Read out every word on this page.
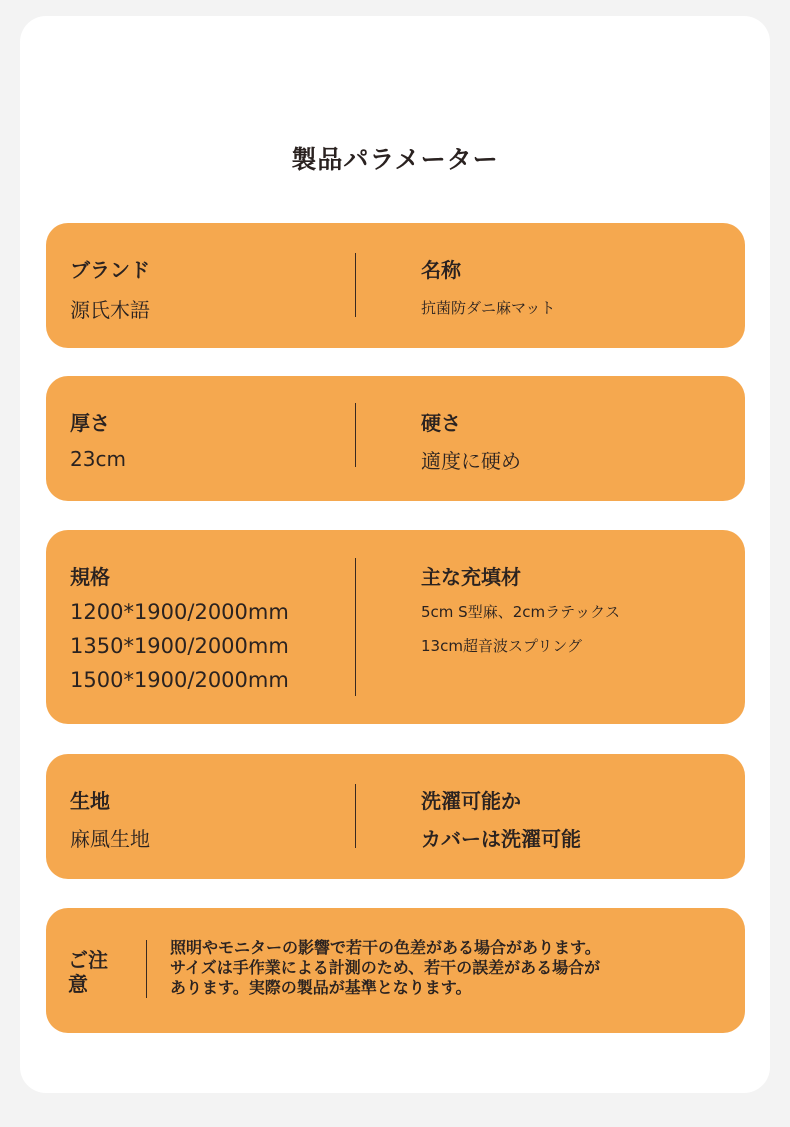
製品パラメーター
ブランド
源氏木語
名称
抗菌防ダニ麻マット
厚さ
23cm
硬さ
適度に硬め
規格
1200*1900/2000mm
1350*1900/2000mm
1500*1900/2000mm
主な充填材
5cm S型麻、2cmラテックス
13cm超音波スプリング
生地
麻風生地
洗濯可能か
カバーは洗濯可能
ご注意
照明やモニターの影響で若干の色差がある場合があります。
サイズは手作業による計測のため、若干の誤差がある場合が
あります。実際の製品が基準となります。
